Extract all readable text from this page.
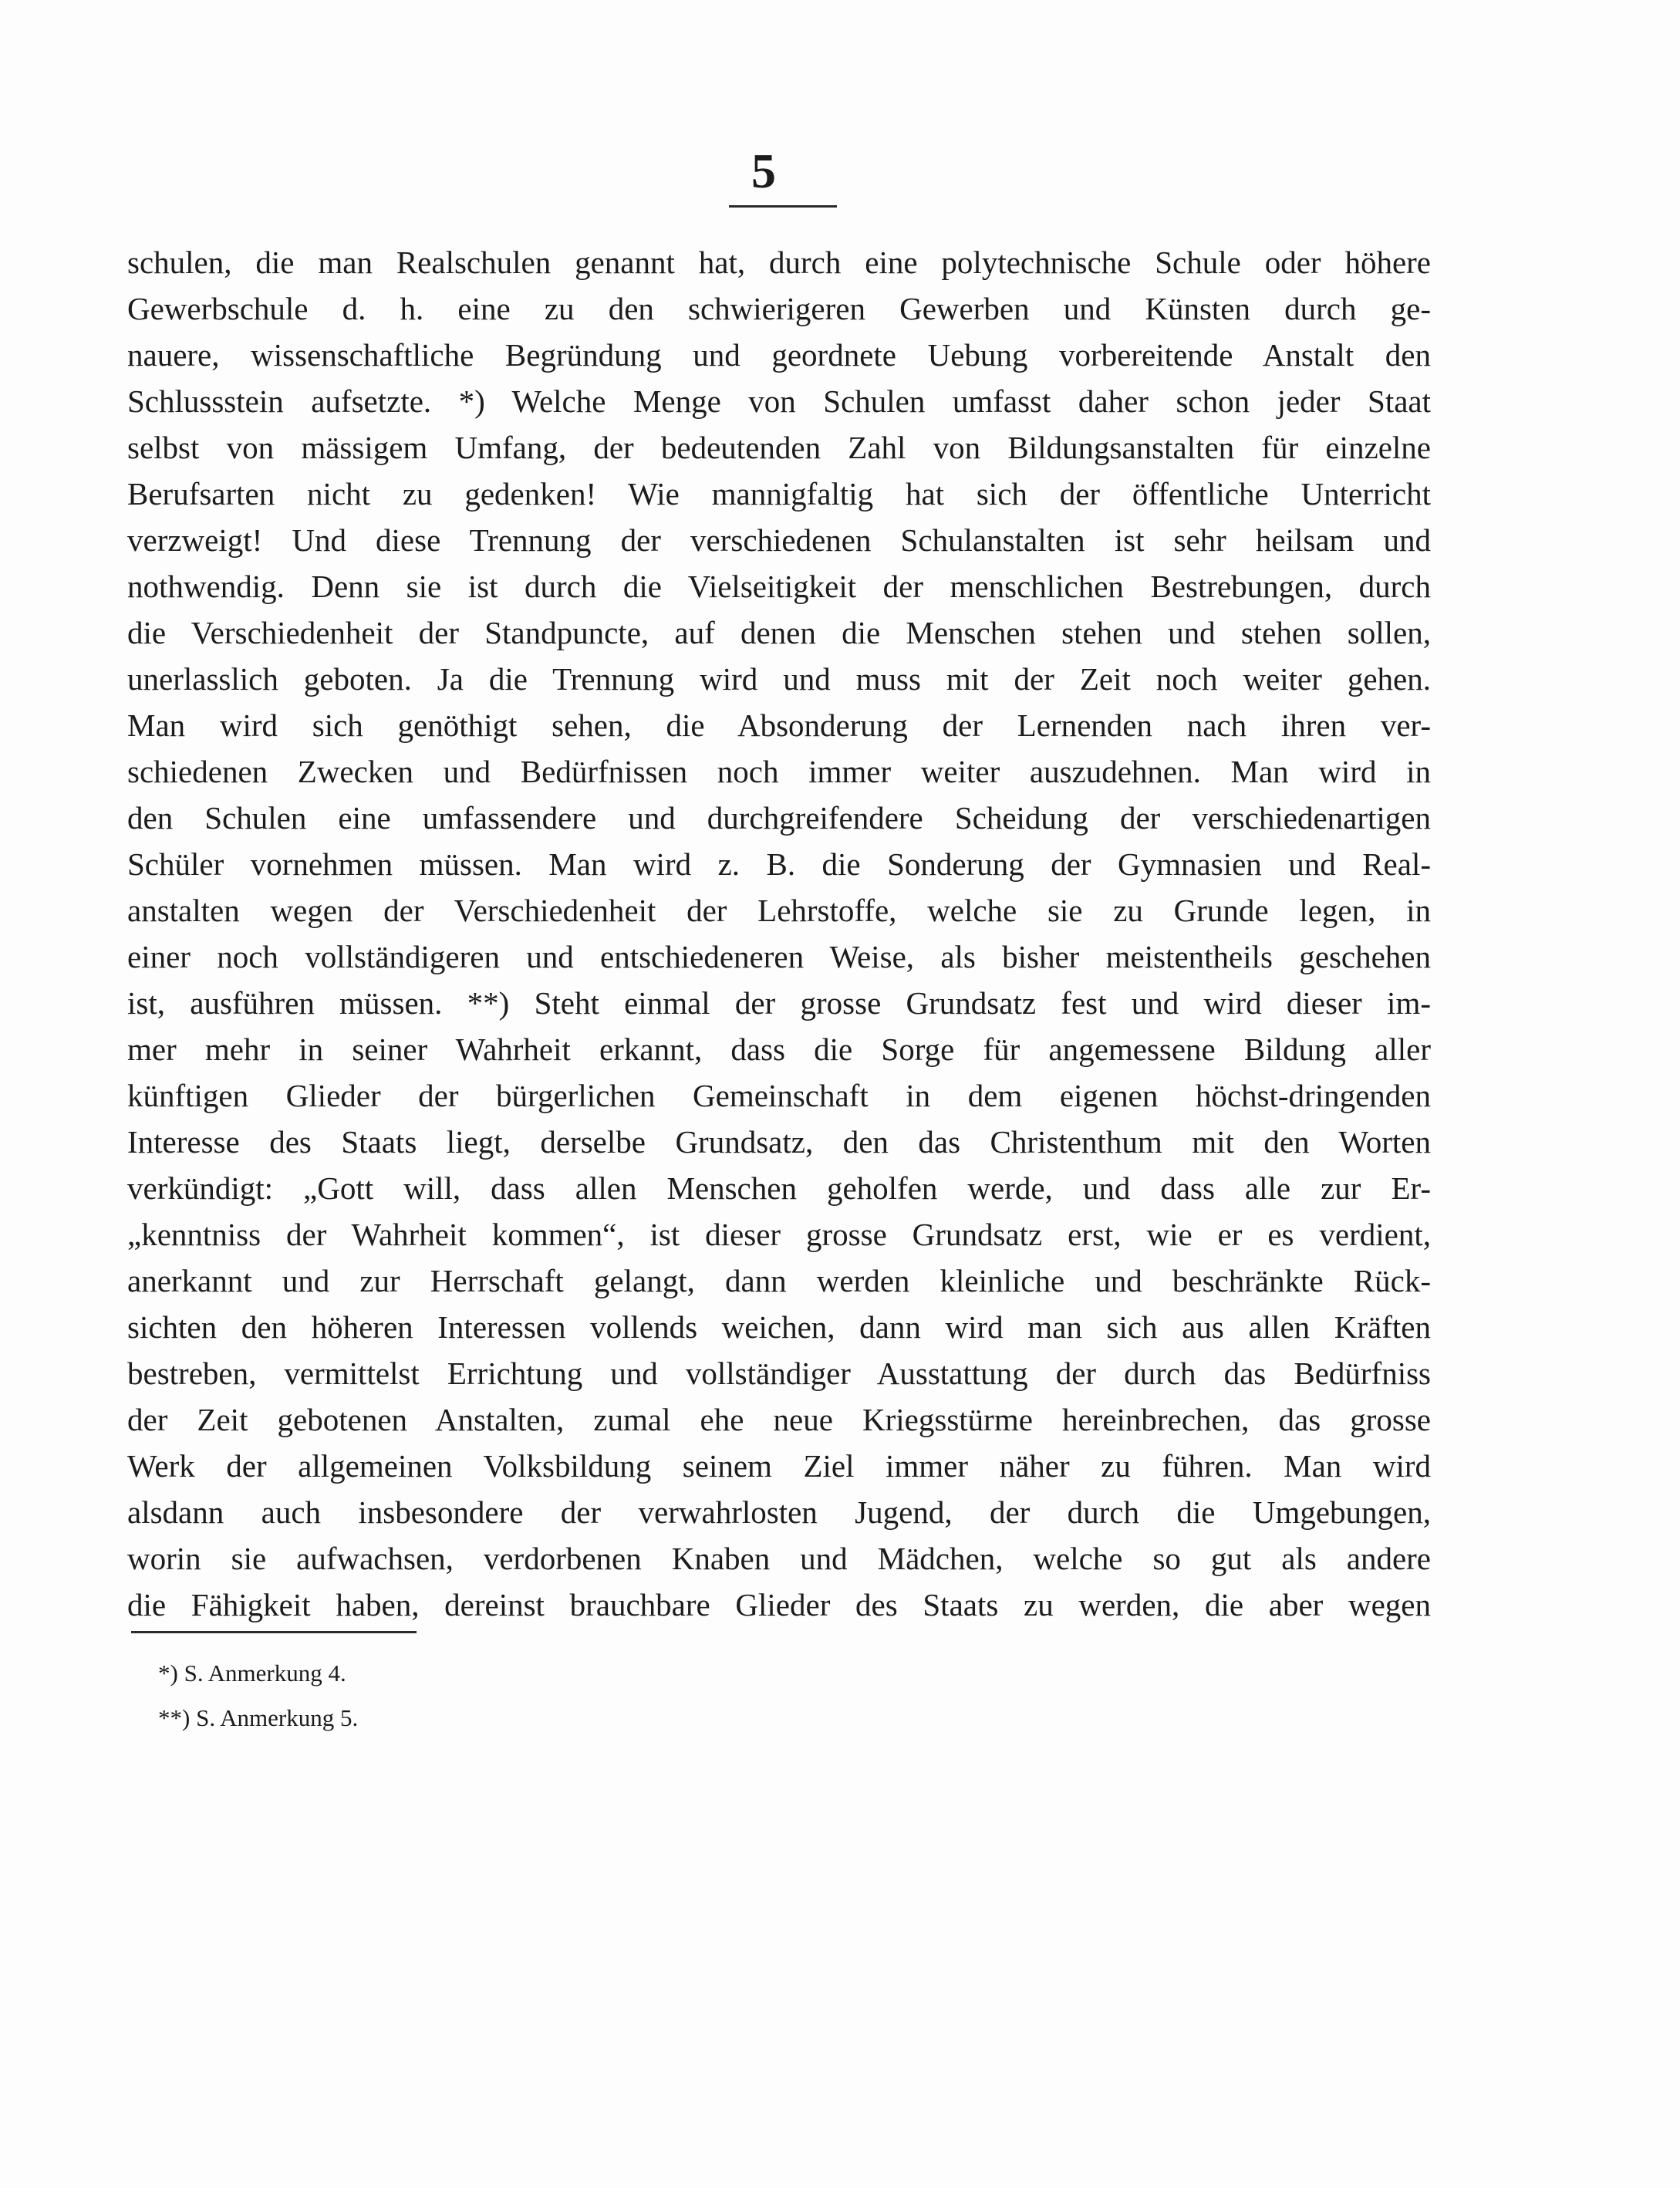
5
schulen, die man Realschulen genannt hat, durch eine polytechnische Schule oder höhere
Gewerbschule d. h. eine zu den schwierigeren Gewerben und Künsten durch ge-
nauere, wissenschaftliche Begründung und geordnete Uebung vorbereitende Anstalt den
Schlussstein aufsetzte. *) Welche Menge von Schulen umfasst daher schon jeder Staat
selbst von mässigem Umfang, der bedeutenden Zahl von Bildungsanstalten für einzelne
Berufsarten nicht zu gedenken! Wie mannigfaltig hat sich der öffentliche Unterricht
verzweigt! Und diese Trennung der verschiedenen Schulanstalten ist sehr heilsam und
nothwendig. Denn sie ist durch die Vielseitigkeit der menschlichen Bestrebungen, durch
die Verschiedenheit der Standpuncte, auf denen die Menschen stehen und stehen sollen,
unerlasslich geboten. Ja die Trennung wird und muss mit der Zeit noch weiter gehen.
Man wird sich genöthigt sehen, die Absonderung der Lernenden nach ihren ver-
schiedenen Zwecken und Bedürfnissen noch immer weiter auszudehnen. Man wird in
den Schulen eine umfassendere und durchgreifendere Scheidung der verschiedenartigen
Schüler vornehmen müssen. Man wird z. B. die Sonderung der Gymnasien und Real-
anstalten wegen der Verschiedenheit der Lehrstoffe, welche sie zu Grunde legen, in
einer noch vollständigeren und entschiedeneren Weise, als bisher meistentheils geschehen
ist, ausführen müssen. **) Steht einmal der grosse Grundsatz fest und wird dieser im-
mer mehr in seiner Wahrheit erkannt, dass die Sorge für angemessene Bildung aller
künftigen Glieder der bürgerlichen Gemeinschaft in dem eigenen höchst-dringenden
Interesse des Staats liegt, derselbe Grundsatz, den das Christenthum mit den Worten
verkündigt: „Gott will, dass allen Menschen geholfen werde, und dass alle zur Er-
„kenntniss der Wahrheit kommen“, ist dieser grosse Grundsatz erst, wie er es verdient,
anerkannt und zur Herrschaft gelangt, dann werden kleinliche und beschränkte Rück-
sichten den höheren Interessen vollends weichen, dann wird man sich aus allen Kräften
bestreben, vermittelst Errichtung und vollständiger Ausstattung der durch das Bedürfniss
der Zeit gebotenen Anstalten, zumal ehe neue Kriegsstürme hereinbrechen, das grosse
Werk der allgemeinen Volksbildung seinem Ziel immer näher zu führen. Man wird
alsdann auch insbesondere der verwahrlosten Jugend, der durch die Umgebungen,
worin sie aufwachsen, verdorbenen Knaben und Mädchen, welche so gut als andere
die Fähigkeit haben, dereinst brauchbare Glieder des Staats zu werden, die aber wegen
*) S. Anmerkung 4.
**) S. Anmerkung 5.
